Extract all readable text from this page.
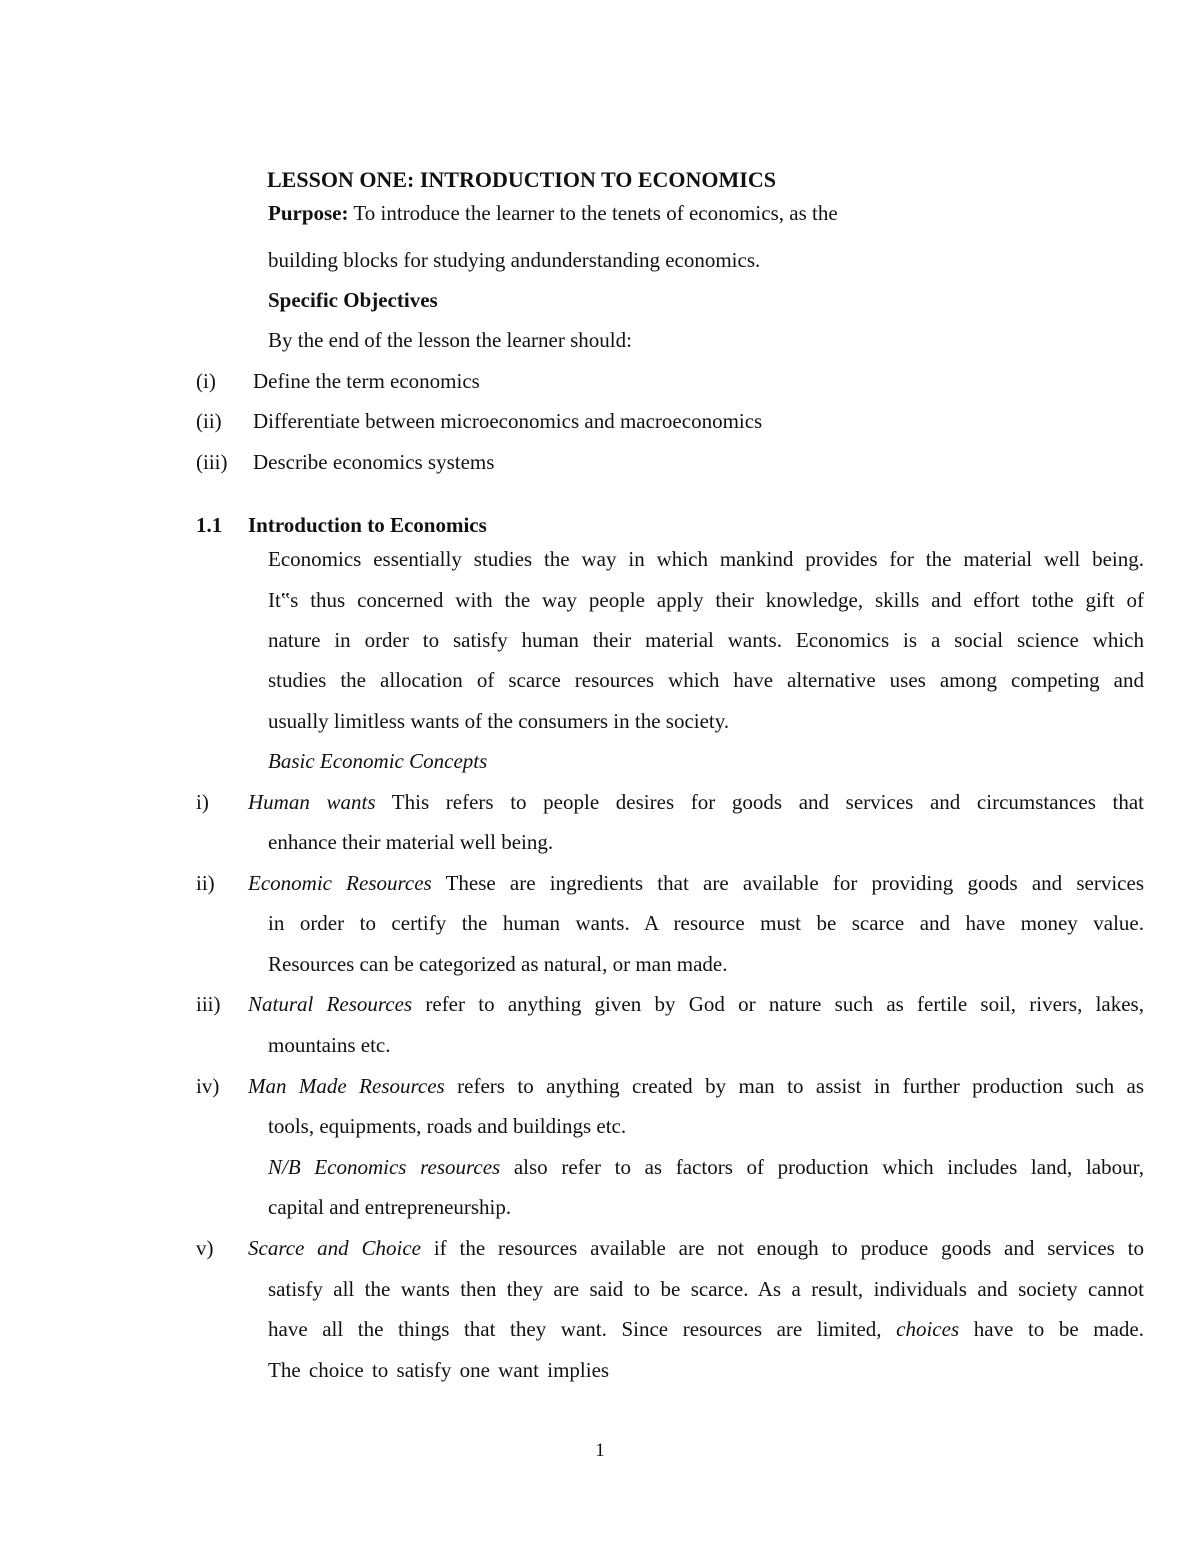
LESSON ONE: INTRODUCTION TO ECONOMICS
Purpose: To introduce the learner to the tenets of economics, as the
building blocks for studying andunderstanding economics.
Specific Objectives
By the end of the lesson the learner should:
(i) Define the term economics
(ii) Differentiate between microeconomics and macroeconomics
(iii) Describe economics systems
1.1 Introduction to Economics
Economics essentially studies the way in which mankind provides for the material well being.
It‟s thus concerned with the way people apply their knowledge, skills and effort tothe gift of
nature in order to satisfy human their material wants. Economics is a social science which
studies the allocation of scarce resources which have alternative uses among competing and
usually limitless wants of the consumers in the society.
Basic Economic Concepts
i) Human wants This refers to people desires for goods and services and circumstances that
enhance their material well being.
ii) Economic Resources These are ingredients that are available for providing goods and services
in order to certify the human wants. A resource must be scarce and have money value.
Resources can be categorized as natural, or man made.
iii) Natural Resources refer to anything given by God or nature such as fertile soil, rivers, lakes,
mountains etc.
iv) Man Made Resources refers to anything created by man to assist in further production such as
tools, equipments, roads and buildings etc.
N/B Economics resources also refer to as factors of production which includes land, labour,
capital and entrepreneurship.
v) Scarce and Choice if the resources available are not enough to produce goods and services to
satisfy all the wants then they are said to be scarce. As a result, individuals and society cannot
have all the things that they want. Since resources are limited, choices have to be made.
The choice to satisfy one want implies
1
